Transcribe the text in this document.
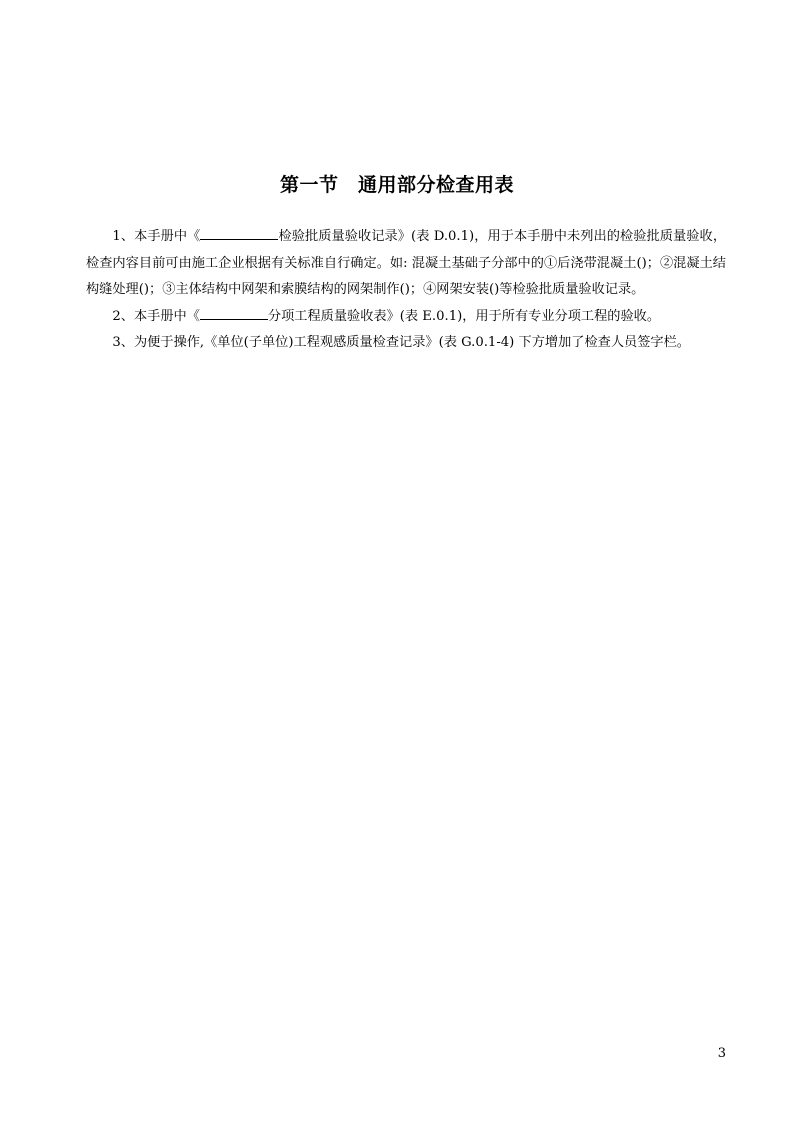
第一节　通用部分检查用表

1、本手册中《	检验批质量验收记录》(表 D.0.1)，用于本手册中未列出的检验批质量验收，检查内容目前可由施工企业根据有关标准自行确定。如: 混凝土基础子分部中的①后浇带混凝土()；②混凝土结构缝处理()；③主体结构中网架和索膜结构的网架制作()；④网架安装()等检验批质量验收记录。

2、本手册中《	分项工程质量验收表》(表 E.0.1)，用于所有专业分项工程的验收。

3、为便于操作,《单位(子单位)工程观感质量检查记录》(表 G.0.1-4) 下方增加了检查人员签字栏。

3
